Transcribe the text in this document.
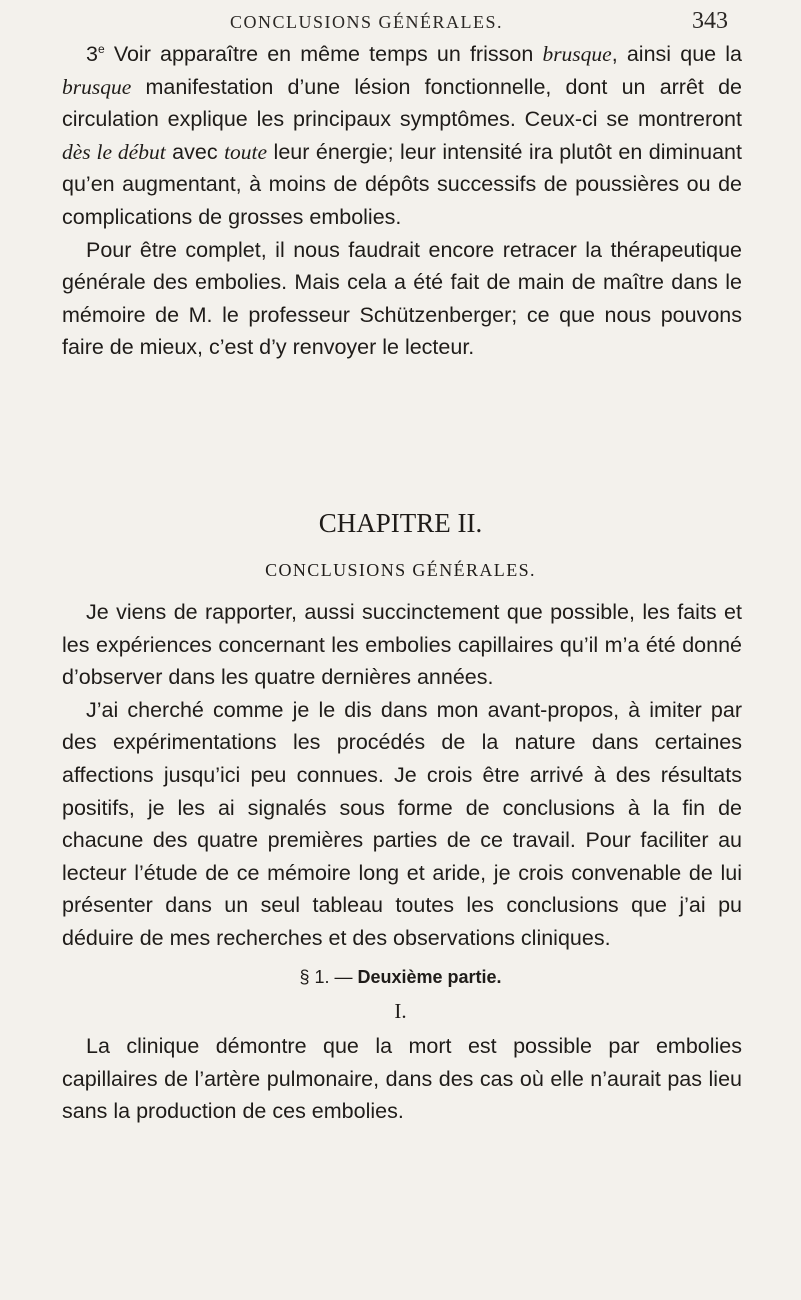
CONCLUSIONS GÉNÉRALES.	343

3e Voir apparaître en même temps un frisson brusque, ainsi que la brusque manifestation d’une lésion fonctionnelle, dont un arrêt de circulation explique les principaux symptômes. Ceux-ci se montreront dès le début avec toute leur énergie; leur intensité ira plutôt en diminuant qu’en augmentant, à moins de dépôts successifs de poussières ou de complications de grosses embolies.

Pour être complet, il nous faudrait encore retracer la thérapeutique générale des embolies. Mais cela a été fait de main de maître dans le mémoire de M. le professeur Schützenberger; ce que nous pouvons faire de mieux, c’est d’y renvoyer le lecteur.

CHAPITRE II.
CONCLUSIONS GÉNÉRALES.

Je viens de rapporter, aussi succinctement que possible, les faits et les expériences concernant les embolies capillaires qu’il m’a été donné d’observer dans les quatre dernières années.

J’ai cherché comme je le dis dans mon avant-propos, à imiter par des expérimentations les procédés de la nature dans certaines affections jusqu’ici peu connues. Je crois être arrivé à des résultats positifs, je les ai signalés sous forme de conclusions à la fin de chacune des quatre premières parties de ce travail. Pour faciliter au lecteur l’étude de ce mémoire long et aride, je crois convenable de lui présenter dans un seul tableau toutes les conclusions que j’ai pu déduire de mes recherches et des observations cliniques.

§ 1. — Deuxième partie.
I.

La clinique démontre que la mort est possible par embolies capillaires de l’artère pulmonaire, dans des cas où elle n’aurait pas lieu sans la production de ces embolies.
